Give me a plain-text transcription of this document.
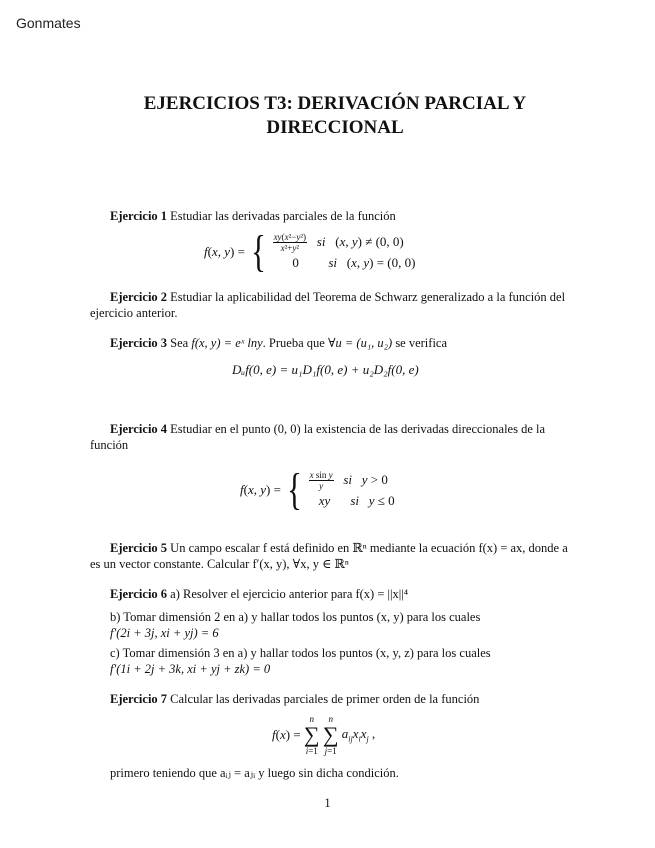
Gonmates
EJERCICIOS T3: DERIVACIÓN PARCIAL Y DIRECCIONAL
Ejercicio 1 Estudiar las derivadas parciales de la función
f(x, y) = { $\frac{\text{xy(x²−y²)}}{\text{x²+y²}}$ si   (x, y) ≠ (0, 0)
0 si   (x, y) = (0, 0)
Ejercicio 2 Estudiar la aplicabilidad del Teorema de Schwarz generalizado a la función del ejercicio anterior.
Ejercicio 3 Sea f(x, y) = eˣ lny. Prueba que ∀u = (u₁, u₂) se verifica
Dᵤf(0, e) = u₁D₁f(0, e) + u₂D₂f(0, e)
Ejercicio 4 Estudiar en el punto (0, 0) la existencia de las derivadas direccionales de la función
f(x, y) = { $\frac{\text{x sin y}}{y}$ si y > 0
xy si y ≤ 0
Ejercicio 5 Un campo escalar f está definido en ℝⁿ mediante la ecuación f(x) = ax, donde a es un vector constante. Calcular f′(x, y), ∀x, y ∈ ℝⁿ
Ejercicio 6 a) Resolver el ejercicio anterior para f(x) = ||x||⁴
b) Tomar dimensión 2 en a) y hallar todos los puntos (x, y) para los cuales
f′(2i + 3j, xi + yj) = 6
c) Tomar dimensión 3 en a) y hallar todos los puntos (x, y, z) para los cuales
f′(1i + 2j + 3k, xi + yj + zk) = 0
Ejercicio 7 Calcular las derivadas parciales de primer orden de la función
f(x) = n
∑
i=1 n
∑
j=1 $a_{ij}x_ix_j$ ,
primero teniendo que aᵢⱼ = aⱼᵢ y luego sin dicha condición.
1
